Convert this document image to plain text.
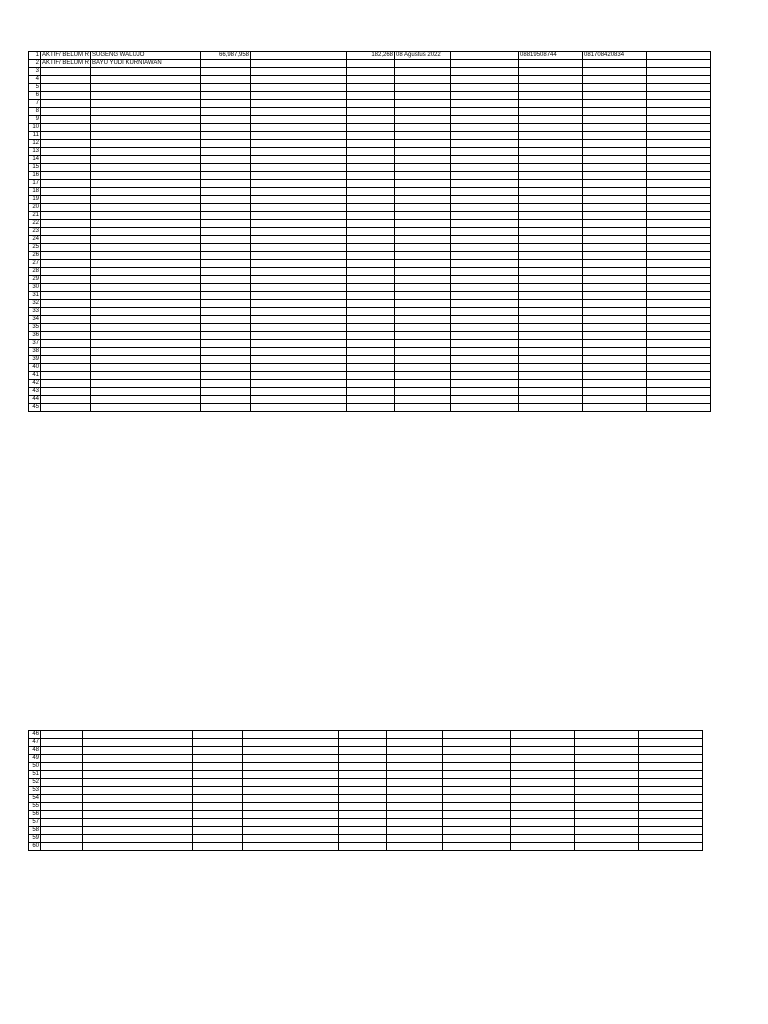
1	AKTIF/ BELUM R	SUGENG WALUJO	66,987,958		182,268	08 Agustus 2022		08819508744	081708420834	
2	AKTIF/ BELUM R	BAYU YUDI KURNIAWAN								
3										
4										
5										
6										
7										
8										
9										
10										
11										
12										
13										
14										
15										
16										
17										
18										
19										
20										
21										
22										
23										
24										
25										
26										
27										
28										
29										
30										
31										
32										
33										
34										
35										
36										
37										
38										
39										
40										
41										
42										
43										
44										
45										
46										
47										
48										
49										
50										
51										
52										
53										
54										
55										
56										
57										
58										
59										
60										
